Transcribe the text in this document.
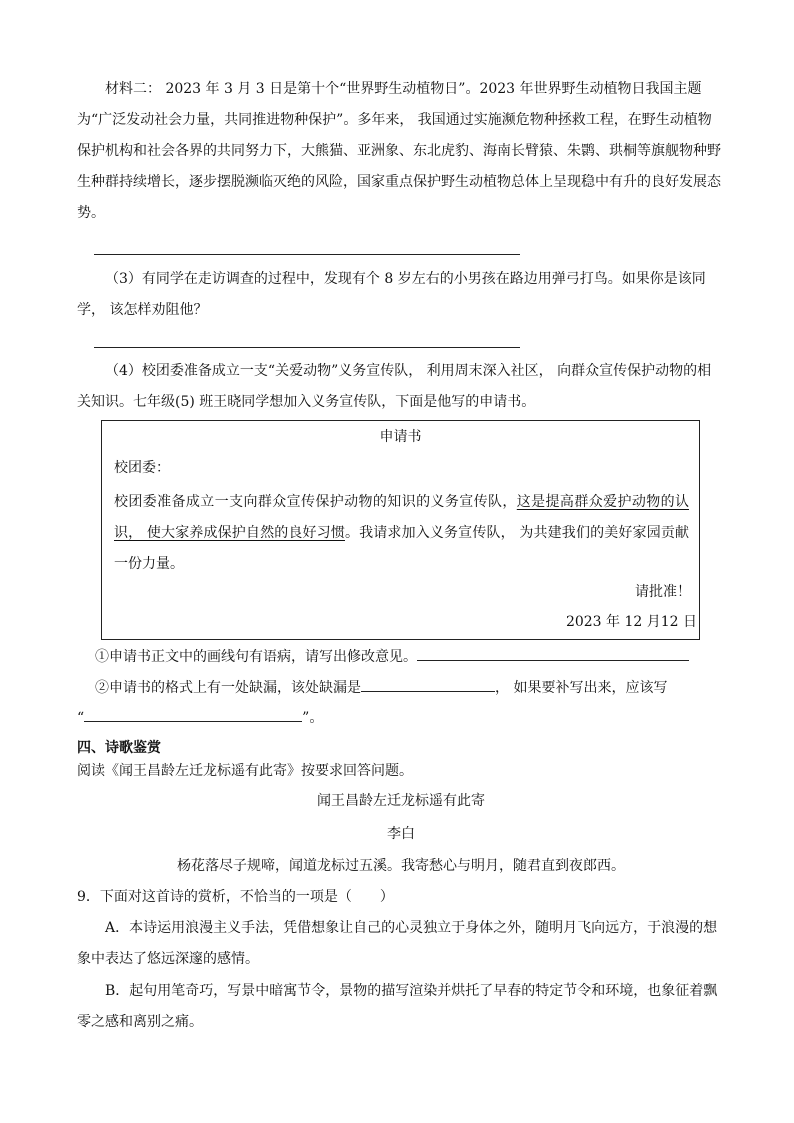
材料二： 2023 年 3 月 3 日是第十个“世界野生动植物日”。2023 年世界野生动植物日我国主题为“广泛发动社会力量，共同推进物种保护”。多年来， 我国通过实施濒危物种拯救工程，在野生动植物保护机构和社会各界的共同努力下，大熊猫、亚洲象、东北虎豹、海南长臂猿、朱鹮、珙桐等旗舰物种野生种群持续增长，逐步摆脱濒临灭绝的风险，国家重点保护野生动植物总体上呈现稳中有升的良好发展态势。

（3）有同学在走访调查的过程中，发现有个 8 岁左右的小男孩在路边用弹弓打鸟。如果你是该同学， 该怎样劝阻他？

（4）校团委准备成立一支“关爱动物”义务宣传队， 利用周末深入社区， 向群众宣传保护动物的相关知识。七年级(5) 班王晓同学想加入义务宣传队，下面是他写的申请书。

申请书
校团委：
校团委准备成立一支向群众宣传保护动物的知识的义务宣传队，这是提高群众爱护动物的认识， 使大家养成保护自然的良好习惯。我请求加入义务宣传队， 为共建我们的美好家园贡献一份力量。
请批准！
2023 年 12 月12 日

①申请书正文中的画线句有语病，请写出修改意见。

②申请书的格式上有一处缺漏，该处缺漏是	， 如果要补写出来，应该写

“	”。

四、诗歌鉴赏

阅读《闻王昌龄左迁龙标遥有此寄》按要求回答问题。

闻王昌龄左迁龙标遥有此寄

李白

杨花落尽子规啼，闻道龙标过五溪。我寄愁心与明月，随君直到夜郎西。

9．下面对这首诗的赏析，不恰当的一项是（　　）

A．本诗运用浪漫主义手法，凭借想象让自己的心灵独立于身体之外，随明月飞向远方，于浪漫的想象中表达了悠远深邃的感情。

B．起句用笔奇巧，写景中暗寓节令，景物的描写渲染并烘托了早春的特定节令和环境，也象征着飘零之感和离别之痛。
